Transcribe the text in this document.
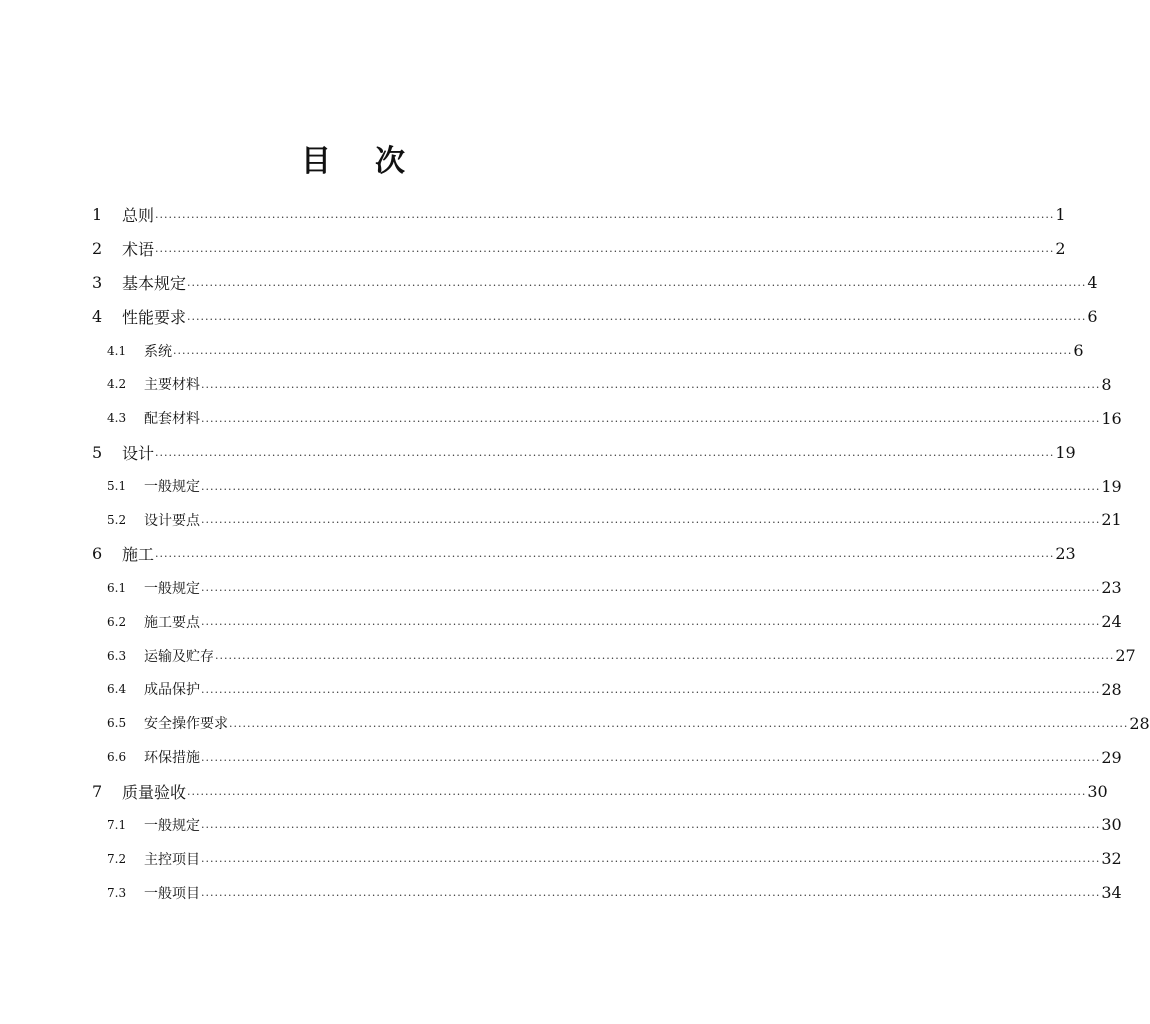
目 次
1	总则 ........................................................................................................................................................................................................ 1
2	术语 ........................................................................................................................................................................................................ 2
3	基本规定 ........................................................................................................................................................................................................ 4
4	性能要求 ........................................................................................................................................................................................................ 6
4.1	系统 ........................................................................................................................................................................................................ 6
4.2	主要材料 ........................................................................................................................................................................................................ 8
4.3	配套材料 ........................................................................................................................................................................................................ 16
5	设计 ........................................................................................................................................................................................................ 19
5.1	一般规定 ........................................................................................................................................................................................................ 19
5.2	设计要点 ........................................................................................................................................................................................................ 21
6	施工 ........................................................................................................................................................................................................ 23
6.1	一般规定 ........................................................................................................................................................................................................ 23
6.2	施工要点 ........................................................................................................................................................................................................ 24
6.3	运输及贮存 ........................................................................................................................................................................................................ 27
6.4	成品保护 ........................................................................................................................................................................................................ 28
6.5	安全操作要求 ........................................................................................................................................................................................................ 28
6.6	环保措施 ........................................................................................................................................................................................................ 29
7	质量验收 ........................................................................................................................................................................................................ 30
7.1	一般规定 ........................................................................................................................................................................................................ 30
7.2	主控项目 ........................................................................................................................................................................................................ 32
7.3	一般项目 ........................................................................................................................................................................................................ 34
